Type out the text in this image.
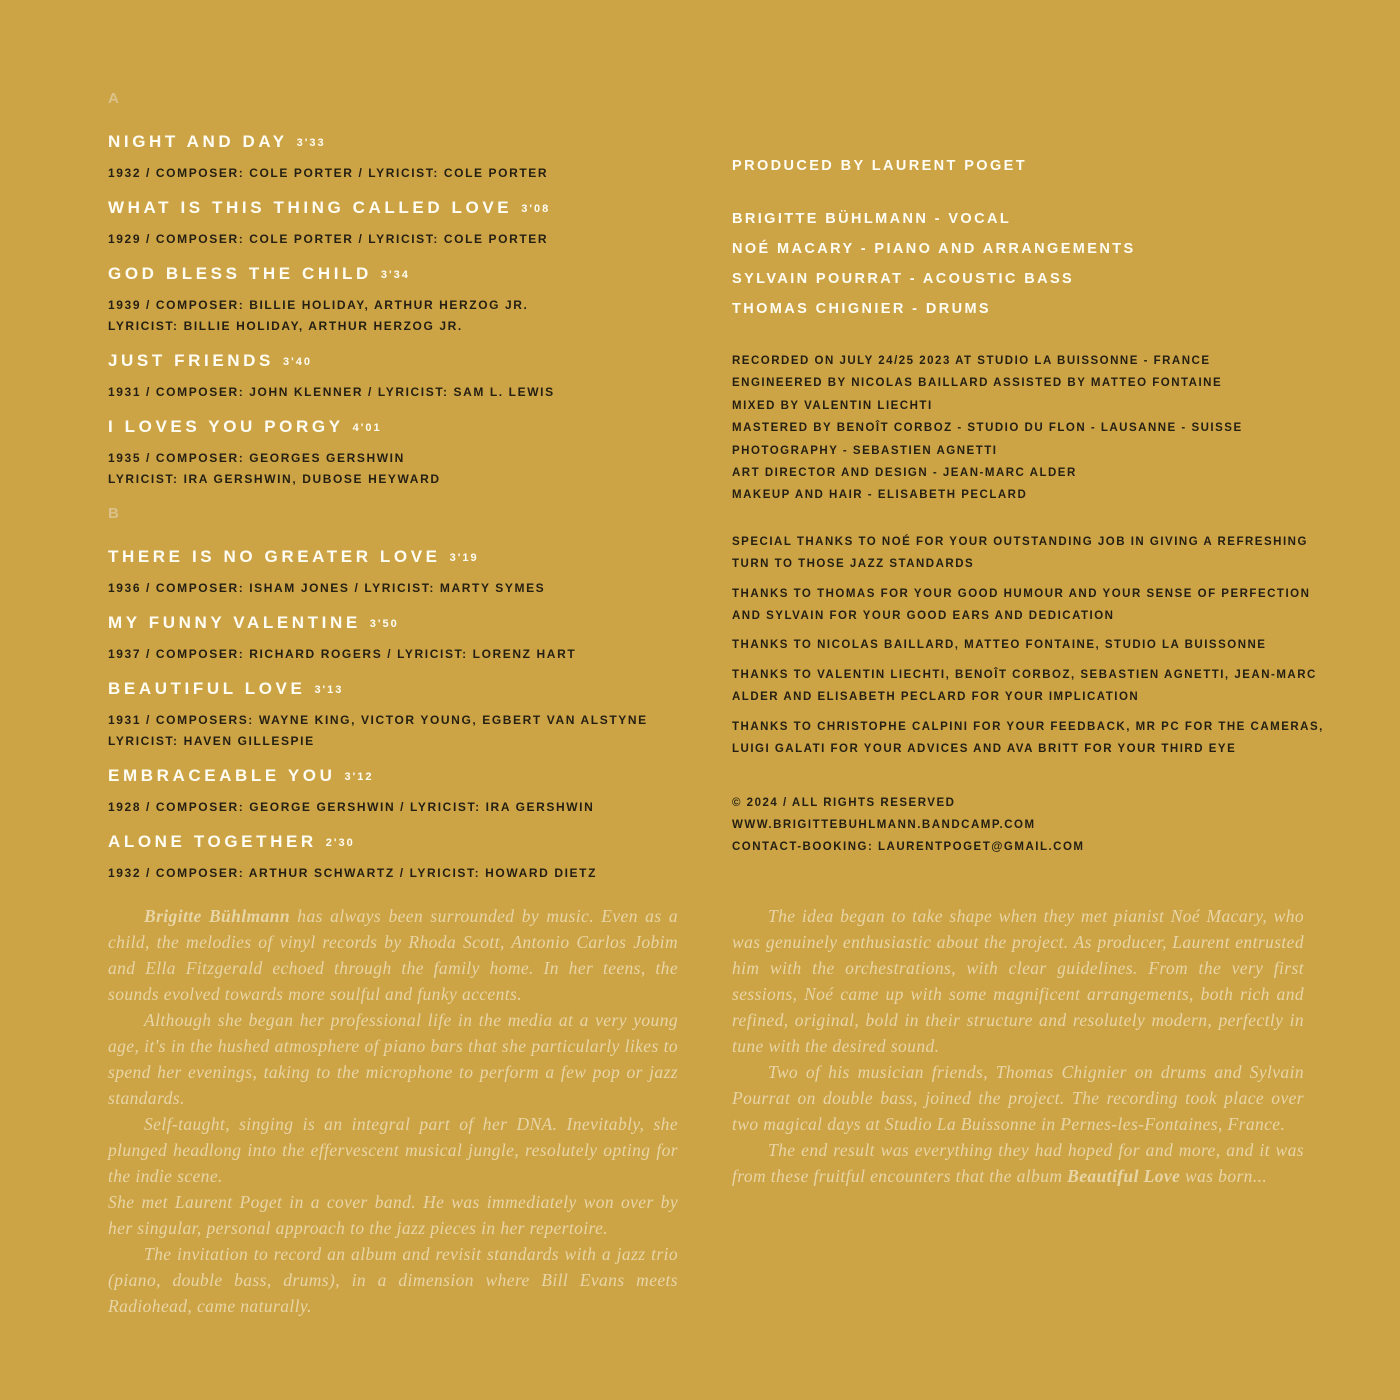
A
NIGHT AND DAY 3'33
1932 / COMPOSER: COLE PORTER / LYRICIST: COLE PORTER
WHAT IS THIS THING CALLED LOVE 3'08
1929 / COMPOSER: COLE PORTER / LYRICIST: COLE PORTER
GOD BLESS THE CHILD 3'34
1939 / COMPOSER: BILLIE HOLIDAY, ARTHUR HERZOG JR.
LYRICIST: BILLIE HOLIDAY, ARTHUR HERZOG JR.
JUST FRIENDS 3'40
1931 / COMPOSER: JOHN KLENNER / LYRICIST: SAM L. LEWIS
I LOVES YOU PORGY 4'01
1935 / COMPOSER: GEORGES GERSHWIN
LYRICIST: IRA GERSHWIN, DUBOSE HEYWARD
B
THERE IS NO GREATER LOVE 3'19
1936 / COMPOSER: ISHAM JONES / LYRICIST: MARTY SYMES
MY FUNNY VALENTINE 3'50
1937 / COMPOSER: RICHARD ROGERS / LYRICIST: LORENZ HART
BEAUTIFUL LOVE 3'13
1931 / COMPOSERS: WAYNE KING, VICTOR YOUNG, EGBERT VAN ALSTYNE
LYRICIST: HAVEN GILLESPIE
EMBRACEABLE YOU 3'12
1928 / COMPOSER: GEORGE GERSHWIN / LYRICIST: IRA GERSHWIN
ALONE TOGETHER 2'30
1932 / COMPOSER: ARTHUR SCHWARTZ / LYRICIST: HOWARD DIETZ
PRODUCED BY LAURENT POGET
BRIGITTE BÜHLMANN - VOCAL
NOÉ MACARY - PIANO AND ARRANGEMENTS
SYLVAIN POURRAT - ACOUSTIC BASS
THOMAS CHIGNIER - DRUMS
RECORDED ON JULY 24/25 2023 AT STUDIO LA BUISSONNE - FRANCE
ENGINEERED BY NICOLAS BAILLARD ASSISTED BY MATTEO FONTAINE
MIXED BY VALENTIN LIECHTI
MASTERED BY BENOÎT CORBOZ - STUDIO DU FLON - LAUSANNE - SUISSE
PHOTOGRAPHY - SEBASTIEN AGNETTI
ART DIRECTOR AND DESIGN - JEAN-MARC ALDER
MAKEUP AND HAIR - ELISABETH PECLARD

SPECIAL THANKS TO NOÉ FOR YOUR OUTSTANDING JOB IN GIVING A REFRESHING TURN TO THOSE JAZZ STANDARDS

THANKS TO THOMAS FOR YOUR GOOD HUMOUR AND YOUR SENSE OF PERFECTION AND SYLVAIN FOR YOUR GOOD EARS AND DEDICATION

THANKS TO NICOLAS BAILLARD, MATTEO FONTAINE, STUDIO LA BUISSONNE

THANKS TO VALENTIN LIECHTI, BENOÎT CORBOZ, SEBASTIEN AGNETTI, JEAN-MARC ALDER AND ELISABETH PECLARD FOR YOUR IMPLICATION

THANKS TO CHRISTOPHE CALPINI FOR YOUR FEEDBACK, MR PC FOR THE CAMERAS, LUIGI GALATI FOR YOUR ADVICES AND AVA BRITT FOR YOUR THIRD EYE

© 2024 / ALL RIGHTS RESERVED
WWW.BRIGITTEBUHLMANN.BANDCAMP.COM
CONTACT-BOOKING: LAURENTPOGET@GMAIL.COM

Brigitte Bühlmann has always been surrounded by music. Even as a child, the melodies of vinyl records by Rhoda Scott, Antonio Carlos Jobim and Ella Fitzgerald echoed through the family home. In her teens, the sounds evolved towards more soulful and funky accents.

Although she began her professional life in the media at a very young age, it's in the hushed atmosphere of piano bars that she particularly likes to spend her evenings, taking to the microphone to perform a few pop or jazz standards.

Self-taught, singing is an integral part of her DNA. Inevitably, she plunged headlong into the effervescent musical jungle, resolutely opting for the indie scene.

She met Laurent Poget in a cover band. He was immediately won over by her singular, personal approach to the jazz pieces in her repertoire.

The invitation to record an album and revisit standards with a jazz trio (piano, double bass, drums), in a dimension where Bill Evans meets Radiohead, came naturally.

The idea began to take shape when they met pianist Noé Macary, who was genuinely enthusiastic about the project. As producer, Laurent entrusted him with the orchestrations, with clear guidelines. From the very first sessions, Noé came up with some magnificent arrangements, both rich and refined, original, bold in their structure and resolutely modern, perfectly in tune with the desired sound.

Two of his musician friends, Thomas Chignier on drums and Sylvain Pourrat on double bass, joined the project. The recording took place over two magical days at Studio La Buissonne in Pernes-les-Fontaines, France.

The end result was everything they had hoped for and more, and it was from these fruitful encounters that the album Beautiful Love was born...
